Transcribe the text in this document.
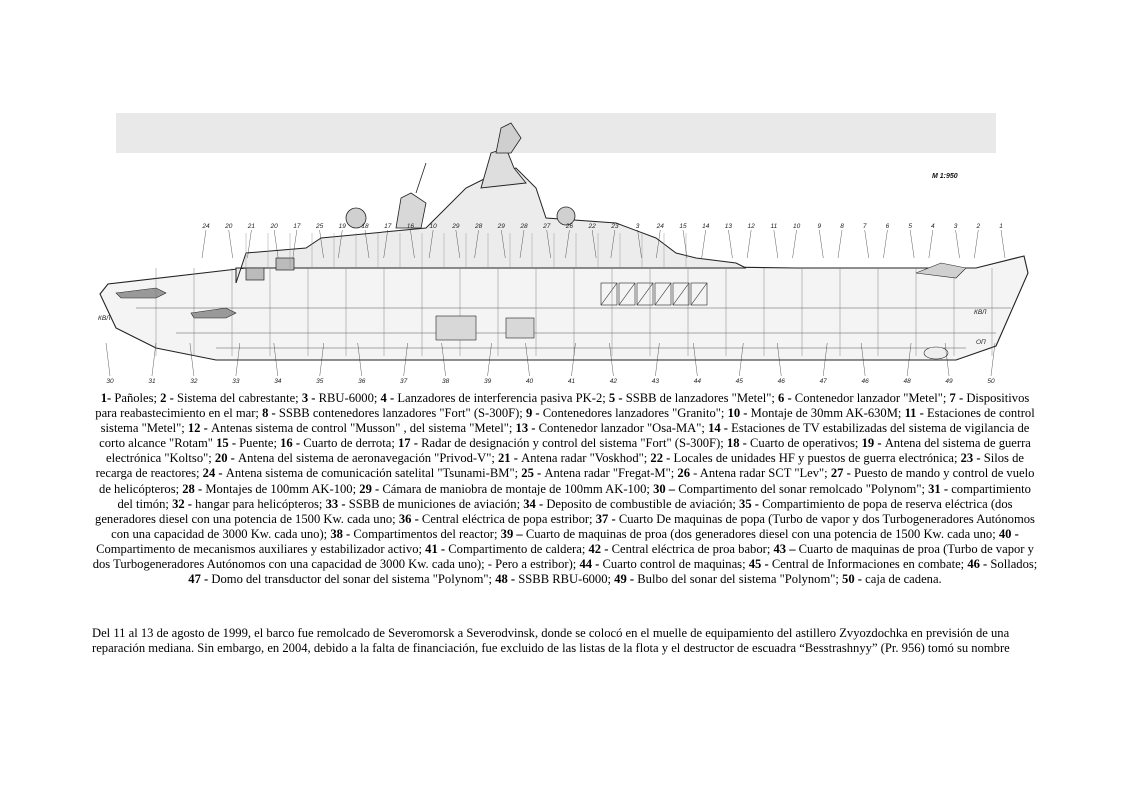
M 1:950
КВЛ
КВЛ
ОП
24 20 21 20 17 25 19 18 17 16 10 29 28 29 28 27 26 22 23	3	24 15 14 13 12 11 10	9	8	7	6	5	4	3	2	1
30	31	32	33	34	35	36	37	38	39	40	41	42	43	44	45	46	47	46	48	49	50
1- Pañoles; 2 - Sistema del cabrestante; 3 - RBU-6000; 4 - Lanzadores de interferencia pasiva PK-2; 5 - SSBB de lanzadores "Metel"; 6 - Contenedor lanzador "Metel"; 7 - Dispositivos para reabastecimiento en el mar; 8 - SSBB contenedores lanzadores "Fort" (S-300F); 9 - Contenedores lanzadores "Granito"; 10 - Montaje de 30mm AK-630M; 11 - Estaciones de control sistema "Metel"; 12 - Antenas sistema de control "Musson" , del sistema "Metel"; 13 - Contenedor lanzador "Osa-MA"; 14 - Estaciones de TV estabilizadas del sistema de vigilancia de corto alcance "Rotam" 15 - Puente; 16 - Cuarto de derrota; 17 - Radar de designación y control del sistema "Fort" (S-300F); 18 - Cuarto de operativos; 19 - Antena del sistema de guerra electrónica "Koltso"; 20 - Antena del sistema de aeronavegación "Privod-V"; 21 - Antena radar "Voskhod"; 22 - Locales de unidades HF y puestos de guerra electrónica; 23 - Silos de recarga de reactores; 24 - Antena sistema de comunicación satelital "Tsunami-BM"; 25 - Antena radar "Fregat-M"; 26 - Antena radar SCT "Lev"; 27 - Puesto de mando y control de vuelo de helicópteros; 28 - Montajes de 100mm AK-100; 29 - Cámara de maniobra de montaje de 100mm AK-100; 30 – Compartimento del sonar remolcado "Polynom"; 31 - compartimiento del timón; 32 - hangar para helicópteros; 33 - SSBB de municiones de aviación; 34 - Deposito de combustible de aviación; 35 - Compartimiento de popa de reserva eléctrica (dos generadores diesel con una potencia de 1500 Kw. cada uno; 36 - Central eléctrica de popa estribor; 37 - Cuarto De maquinas de popa (Turbo de vapor y dos Turbogeneradores Autónomos con una capacidad de 3000 Kw. cada uno); 38 - Compartimentos del reactor; 39 – Cuarto de maquinas de proa (dos generadores diesel con una potencia de 1500 Kw. cada uno; 40 - Compartimento de mecanismos auxiliares y estabilizador activo; 41 - Compartimento de caldera; 42 - Central eléctrica de proa babor; 43 – Cuarto de maquinas de proa (Turbo de vapor y dos Turbogeneradores Autónomos con una capacidad de 3000 Kw. cada uno); - Pero a estribor); 44 - Cuarto control de maquinas; 45 - Central de Informaciones en combate; 46 - Sollados; 47 - Domo del transductor del sonar del sistema "Polynom"; 48 - SSBB RBU-6000; 49 - Bulbo del sonar del sistema "Polynom"; 50 - caja de cadena.
Del 11 al 13 de agosto de 1999, el barco fue remolcado de Severomorsk a Severodvinsk, donde se colocó en el muelle de equipamiento del astillero Zvyozdochka en previsión de una reparación mediana. Sin embargo, en 2004, debido a la falta de financiación, fue excluido de las listas de la flota y el destructor de escuadra “Besstrashnyy” (Pr. 956) tomó su nombre
